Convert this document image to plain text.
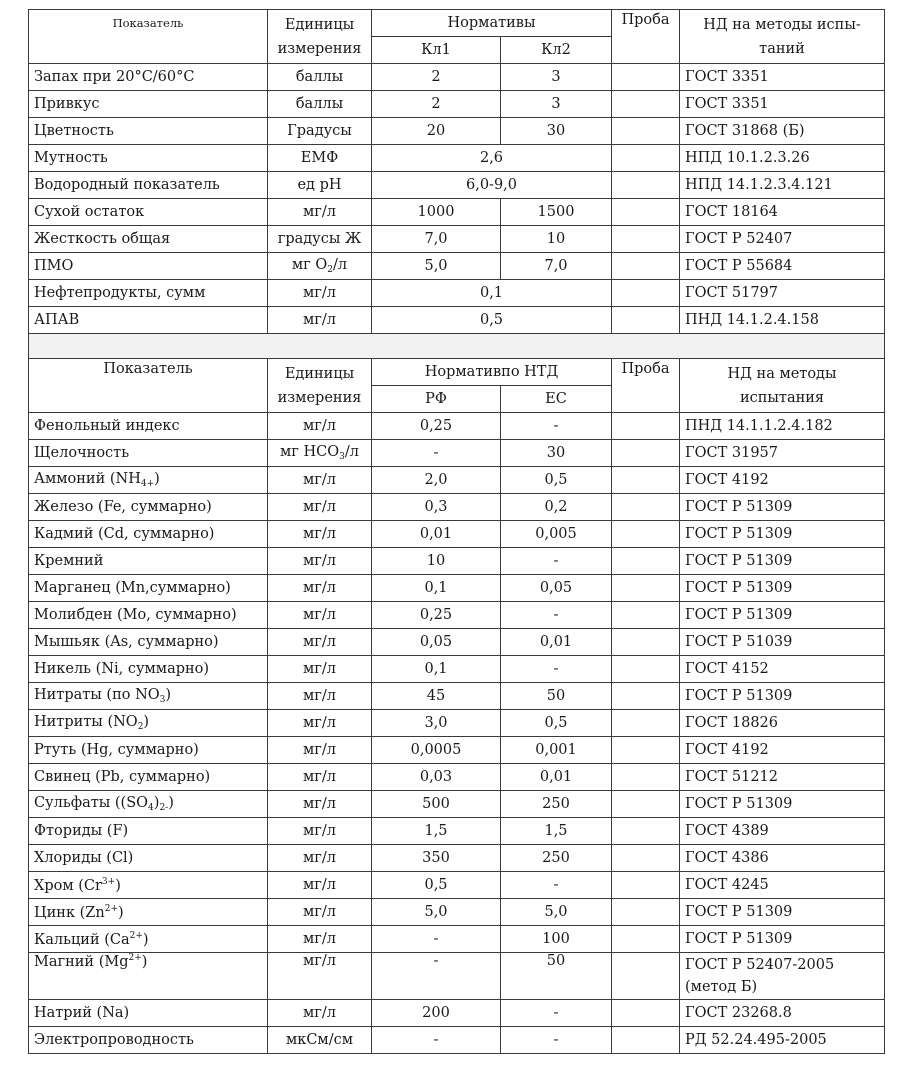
Показатель	Единицы измерения	Нормативы		Проба	НД на методы испы-таний
		Кл1	Кл2		
Запах при 20°С/60°С	баллы	2	3		ГОСТ 3351
Привкус	баллы	2	3		ГОСТ 3351
Цветность	Градусы	20	30		ГОСТ 31868 (Б)
Мутность	ЕМФ	2,6			НПД 10.1.2.3.26
Водородный показатель	ед pH	6,0-9,0			НПД 14.1.2.3.4.121
Сухой остаток	мг/л	1000	1500		ГОСТ 18164
Жесткость общая	градусы Ж	7,0	10		ГОСТ Р 52407
ПМО	мг $О_2/л$	5,0	7,0		ГОСТ Р 55684
Нефтепродукты, сумм	мг/л	0,1			ГОСТ 51797
АПАВ	мг/л	0,5			ПНД 14.1.2.4.158

Показатель	Единицы измерения	Нормативпо НТД		Проба	НД на методы испытания
		РФ	ЕС		
Фенольный индекс	мг/л	0,25	-		ПНД 14.1.1.2.4.182
Щелочность	мг $НСО_3/л$	-	30		ГОСТ 31957
Аммоний $(NH_{4+})$	мг/л	2,0	0,5		ГОСТ 4192
Железо (Fe, суммарно)	мг/л	0,3	0,2		ГОСТ Р 51309
Кадмий (Cd, суммарно)	мг/л	0,01	0,005		ГОСТ Р 51309
Кремний	мг/л	10	-		ГОСТ Р 51309
Марганец (Mn,суммарно)	мг/л	0,1	0,05		ГОСТ Р 51309
Молибден (Mo, суммарно)	мг/л	0,25	-		ГОСТ Р 51309
Мышьяк (As, суммарно)	мг/л	0,05	0,01		ГОСТ Р 51039
Никель (Ni, суммарно)	мг/л	0,1	-		ГОСТ 4152
Нитраты (по $NO_3$)	мг/л	45	50		ГОСТ Р 51309
Нитриты $(NO_2)$	мг/л	3,0	0,5		ГОСТ 18826
Ртуть (Hg, суммарно)	мг/л	0,0005	0,001		ГОСТ 4192
Свинец (Pb, суммарно)	мг/л	0,03	0,01		ГОСТ 51212
Сульфаты $((SO_4)_{2-})$	мг/л	500	250		ГОСТ Р 51309
Фториды (F)	мг/л	1,5	1,5		ГОСТ 4389
Хлориды (Cl)	мг/л	350	250		ГОСТ 4386
Хром $(Cr^{3+})$	мг/л	0,5	-		ГОСТ 4245
Цинк $(Zn^{2+})$	мг/л	5,0	5,0		ГОСТ Р 51309
Кальций $(Ca^{2+})$	мг/л	-	100		ГОСТ Р 51309
Магний $(Mg^{2+})$	мг/л	-	50		ГОСТ Р 52407-2005 (метод Б)
Натрий (Na)	мг/л	200	-		ГОСТ 23268.8
Электропроводность	мкСм/см	-	-		РД 52.24.495-2005
